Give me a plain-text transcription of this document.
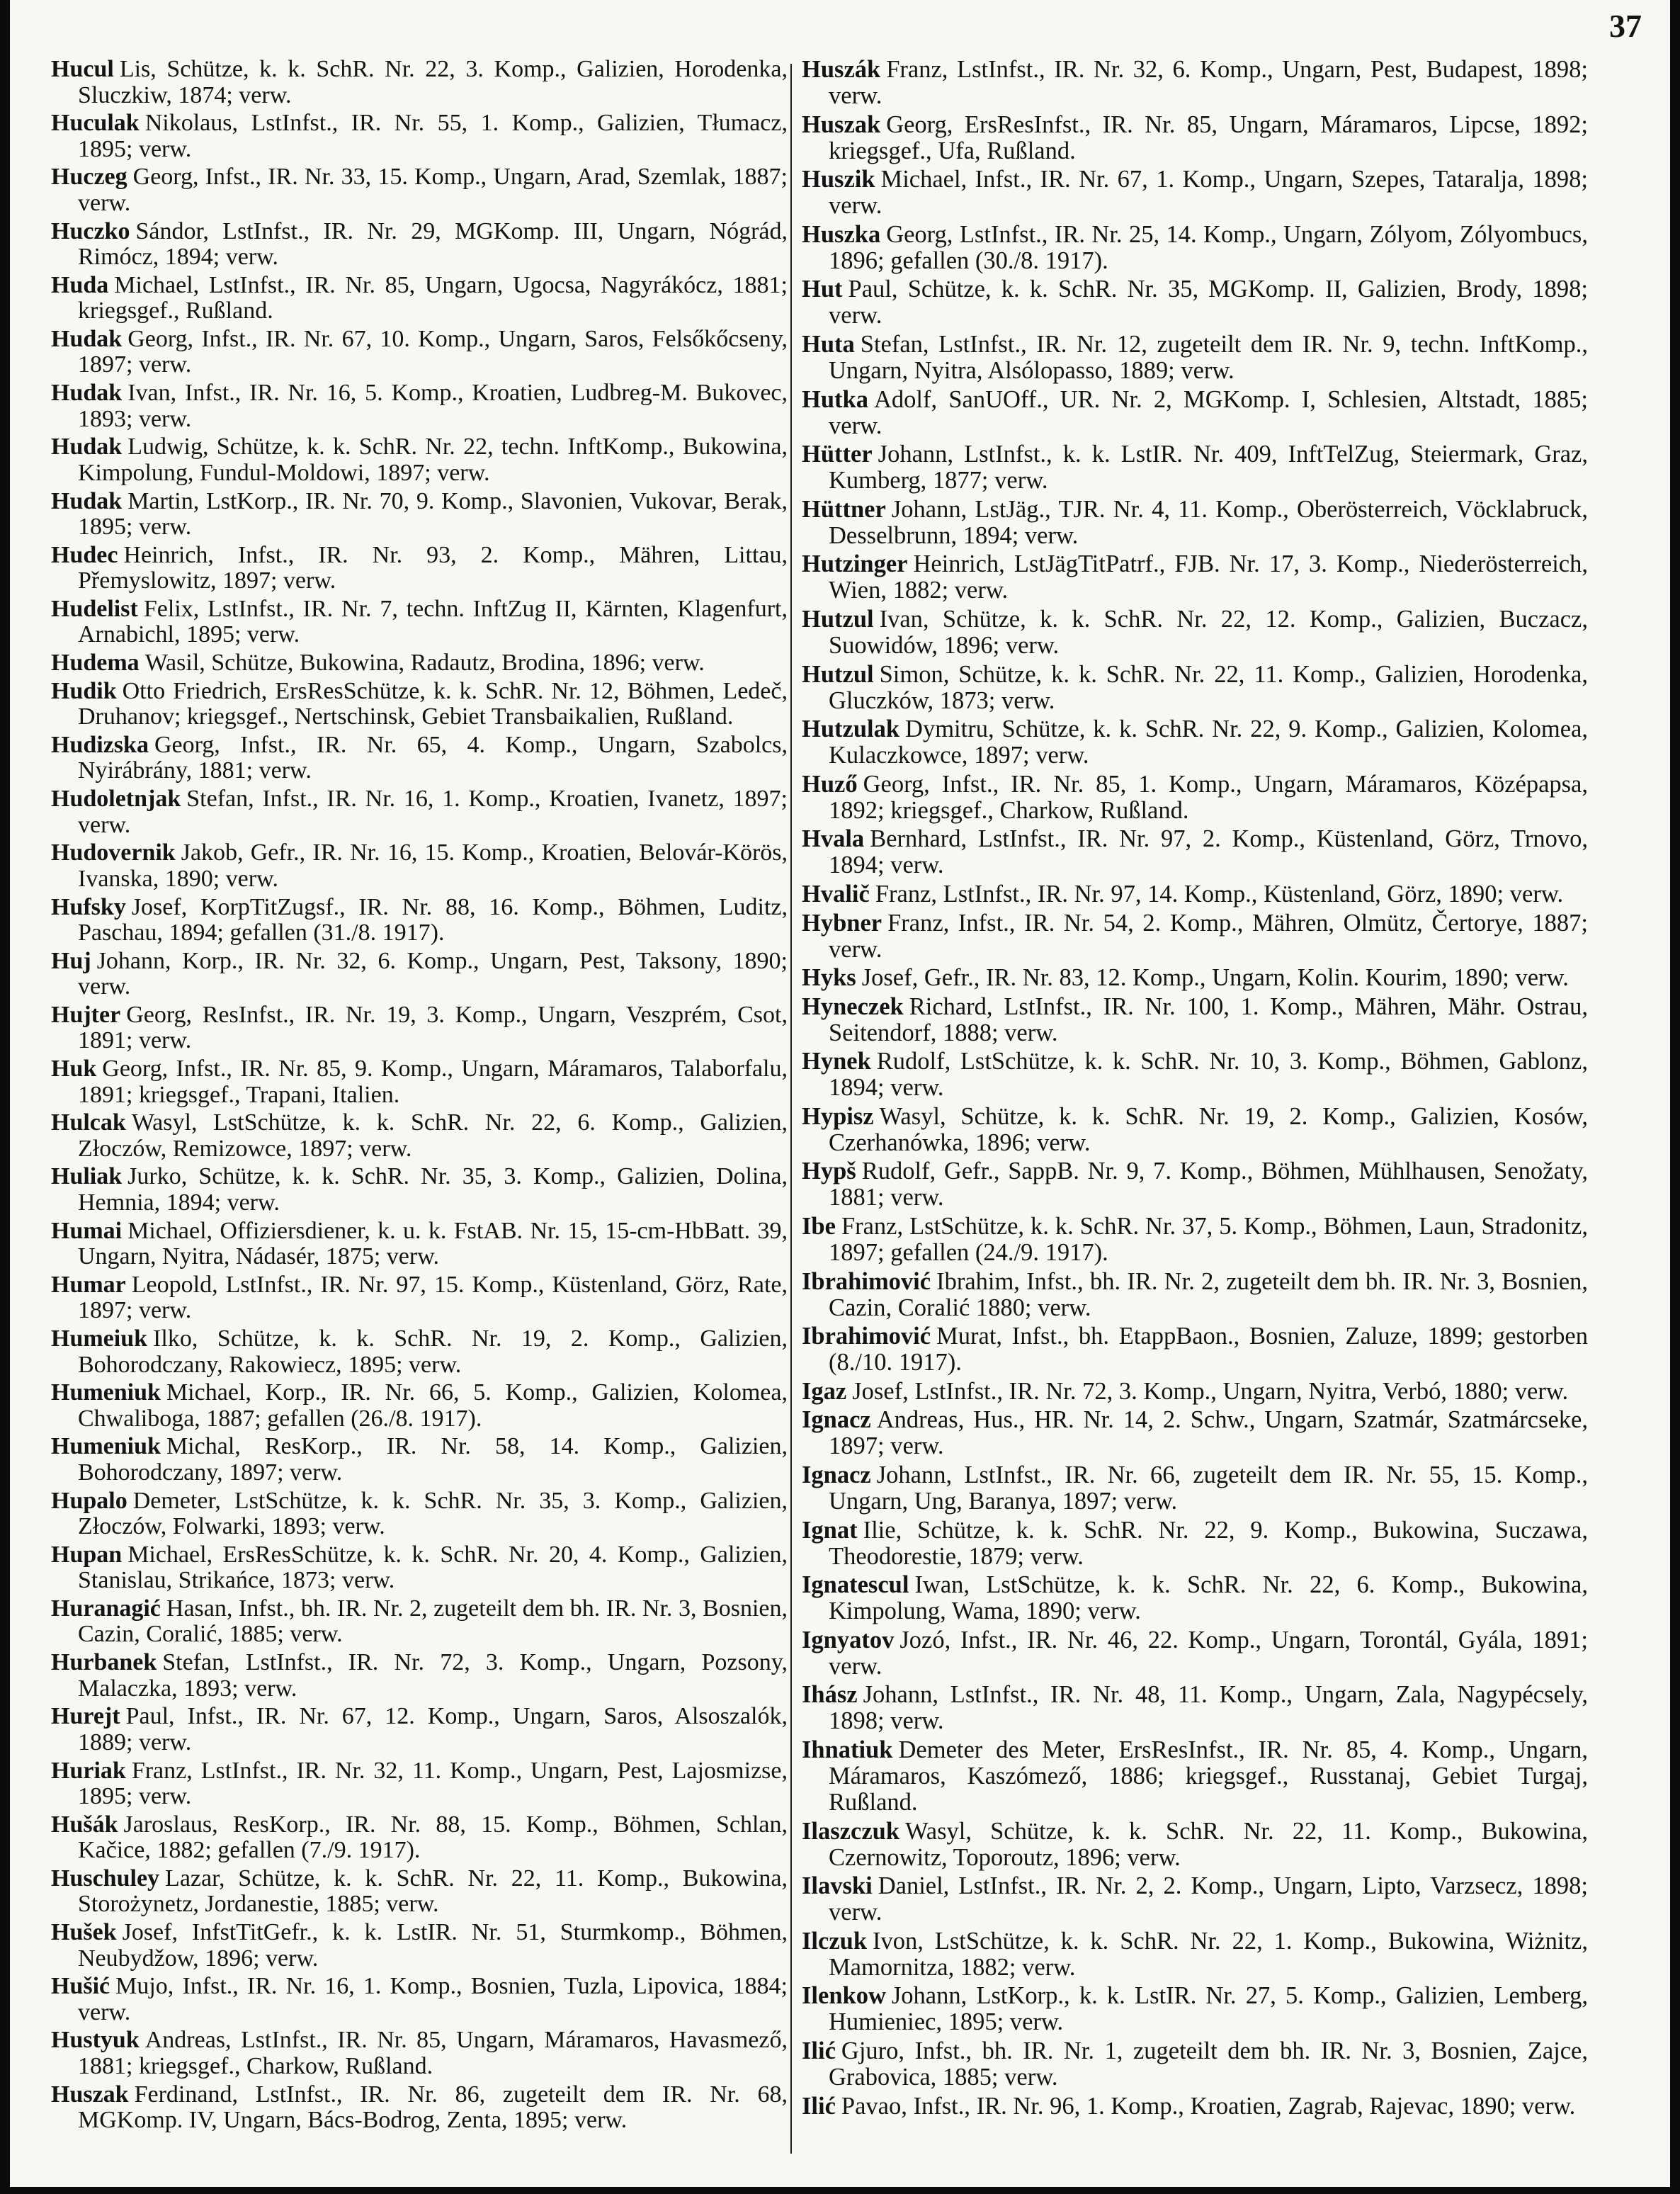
37

Hucul Lis, Schütze, k. k. SchR. Nr. 22, 3. Komp., Galizien, Horodenka, Sluczkiw, 1874; verw.

Huculak Nikolaus, LstInfst., IR. Nr. 55, 1. Komp., Galizien, Tłumacz, 1895; verw.

Huczeg Georg, Infst., IR. Nr. 33, 15. Komp., Ungarn, Arad, Szemlak, 1887; verw.

Huczko Sándor, LstInfst., IR. Nr. 29, MGKomp. III, Ungarn, Nógrád, Rimócz, 1894; verw.

Huda Michael, LstInfst., IR. Nr. 85, Ungarn, Ugocsa, Nagyrákócz, 1881; kriegsgef., Rußland.

Hudak Georg, Infst., IR. Nr. 67, 10. Komp., Ungarn, Saros, Felsőkőcseny, 1897; verw.

Hudak Ivan, Infst., IR. Nr. 16, 5. Komp., Kroatien, Ludbreg-M. Bukovec, 1893; verw.

Hudak Ludwig, Schütze, k. k. SchR. Nr. 22, techn. InftKomp., Bukowina, Kimpolung, Fundul-Moldowi, 1897; verw.

Hudak Martin, LstKorp., IR. Nr. 70, 9. Komp., Slavonien, Vukovar, Berak, 1895; verw.

Hudec Heinrich, Infst., IR. Nr. 93, 2. Komp., Mähren, Littau, Přemyslowitz, 1897; verw.

Hudelist Felix, LstInfst., IR. Nr. 7, techn. InftZug II, Kärnten, Klagenfurt, Arnabichl, 1895; verw.

Hudema Wasil, Schütze, Bukowina, Radautz, Brodina, 1896; verw.

Hudik Otto Friedrich, ErsResSchütze, k. k. SchR. Nr. 12, Böhmen, Ledeč, Druhanov; kriegsgef., Nertschinsk, Gebiet Transbaikalien, Rußland.

Hudizska Georg, Infst., IR. Nr. 65, 4. Komp., Ungarn, Szabolcs, Nyirábrány, 1881; verw.

Hudoletnjak Stefan, Infst., IR. Nr. 16, 1. Komp., Kroatien, Ivanetz, 1897; verw.

Hudovernik Jakob, Gefr., IR. Nr. 16, 15. Komp., Kroatien, Belovár-Körös, Ivanska, 1890; verw.

Hufsky Josef, KorpTitZugsf., IR. Nr. 88, 16. Komp., Böhmen, Luditz, Paschau, 1894; gefallen (31./8. 1917).

Huj Johann, Korp., IR. Nr. 32, 6. Komp., Ungarn, Pest, Taksony, 1890; verw.

Hujter Georg, ResInfst., IR. Nr. 19, 3. Komp., Ungarn, Veszprém, Csot, 1891; verw.

Huk Georg, Infst., IR. Nr. 85, 9. Komp., Ungarn, Máramaros, Talaborfalu, 1891; kriegsgef., Trapani, Italien.

Hulcak Wasyl, LstSchütze, k. k. SchR. Nr. 22, 6. Komp., Galizien, Złoczów, Remizowce, 1897; verw.

Huliak Jurko, Schütze, k. k. SchR. Nr. 35, 3. Komp., Galizien, Dolina, Hemnia, 1894; verw.

Humai Michael, Offiziersdiener, k. u. k. FstAB. Nr. 15, 15-cm-HbBatt. 39, Ungarn, Nyitra, Nádasér, 1875; verw.

Humar Leopold, LstInfst., IR. Nr. 97, 15. Komp., Küstenland, Görz, Rate, 1897; verw.

Humeiuk Ilko, Schütze, k. k. SchR. Nr. 19, 2. Komp., Galizien, Bohorodczany, Rakowiecz, 1895; verw.

Humeniuk Michael, Korp., IR. Nr. 66, 5. Komp., Galizien, Kolomea, Chwaliboga, 1887; gefallen (26./8. 1917).

Humeniuk Michal, ResKorp., IR. Nr. 58, 14. Komp., Galizien, Bohorodczany, 1897; verw.

Hupalo Demeter, LstSchütze, k. k. SchR. Nr. 35, 3. Komp., Galizien, Złoczów, Folwarki, 1893; verw.

Hupan Michael, ErsResSchütze, k. k. SchR. Nr. 20, 4. Komp., Galizien, Stanislau, Strikańce, 1873; verw.

Huranagić Hasan, Infst., bh. IR. Nr. 2, zugeteilt dem bh. IR. Nr. 3, Bosnien, Cazin, Coralić, 1885; verw.

Hurbanek Stefan, LstInfst., IR. Nr. 72, 3. Komp., Ungarn, Pozsony, Malaczka, 1893; verw.

Hurejt Paul, Infst., IR. Nr. 67, 12. Komp., Ungarn, Saros, Alsoszalók, 1889; verw.

Huriak Franz, LstInfst., IR. Nr. 32, 11. Komp., Ungarn, Pest, Lajosmizse, 1895; verw.

Hušák Jaroslaus, ResKorp., IR. Nr. 88, 15. Komp., Böhmen, Schlan, Kačice, 1882; gefallen (7./9. 1917).

Huschuley Lazar, Schütze, k. k. SchR. Nr. 22, 11. Komp., Bukowina, Storożynetz, Jordanestie, 1885; verw.

Hušek Josef, InfstTitGefr., k. k. LstIR. Nr. 51, Sturmkomp., Böhmen, Neubydžow, 1896; verw.

Hušić Mujo, Infst., IR. Nr. 16, 1. Komp., Bosnien, Tuzla, Lipovica, 1884; verw.

Hustyuk Andreas, LstInfst., IR. Nr. 85, Ungarn, Máramaros, Havasmező, 1881; kriegsgef., Charkow, Rußland.

Huszak Ferdinand, LstInfst., IR. Nr. 86, zugeteilt dem IR. Nr. 68, MGKomp. IV, Ungarn, Bács-Bodrog, Zenta, 1895; verw.

Huszák Franz, LstInfst., IR. Nr. 32, 6. Komp., Ungarn, Pest, Budapest, 1898; verw.

Huszak Georg, ErsResInfst., IR. Nr. 85, Ungarn, Máramaros, Lipcse, 1892; kriegsgef., Ufa, Rußland.

Huszik Michael, Infst., IR. Nr. 67, 1. Komp., Ungarn, Szepes, Tataralja, 1898; verw.

Huszka Georg, LstInfst., IR. Nr. 25, 14. Komp., Ungarn, Zólyom, Zólyombucs, 1896; gefallen (30./8. 1917).

Hut Paul, Schütze, k. k. SchR. Nr. 35, MGKomp. II, Galizien, Brody, 1898; verw.

Huta Stefan, LstInfst., IR. Nr. 12, zugeteilt dem IR. Nr. 9, techn. InftKomp., Ungarn, Nyitra, Alsólopasso, 1889; verw.

Hutka Adolf, SanUOff., UR. Nr. 2, MGKomp. I, Schlesien, Altstadt, 1885; verw.

Hütter Johann, LstInfst., k. k. LstIR. Nr. 409, InftTelZug, Steiermark, Graz, Kumberg, 1877; verw.

Hüttner Johann, LstJäg., TJR. Nr. 4, 11. Komp., Oberösterreich, Vöcklabruck, Desselbrunn, 1894; verw.

Hutzinger Heinrich, LstJägTitPatrf., FJB. Nr. 17, 3. Komp., Niederösterreich, Wien, 1882; verw.

Hutzul Ivan, Schütze, k. k. SchR. Nr. 22, 12. Komp., Galizien, Buczacz, Suowidów, 1896; verw.

Hutzul Simon, Schütze, k. k. SchR. Nr. 22, 11. Komp., Galizien, Horodenka, Gluczków, 1873; verw.

Hutzulak Dymitru, Schütze, k. k. SchR. Nr. 22, 9. Komp., Galizien, Kolomea, Kulaczkowce, 1897; verw.

Huző Georg, Infst., IR. Nr. 85, 1. Komp., Ungarn, Máramaros, Középapsa, 1892; kriegsgef., Charkow, Rußland.

Hvala Bernhard, LstInfst., IR. Nr. 97, 2. Komp., Küstenland, Görz, Trnovo, 1894; verw.

Hvalič Franz, LstInfst., IR. Nr. 97, 14. Komp., Küstenland, Görz, 1890; verw.

Hybner Franz, Infst., IR. Nr. 54, 2. Komp., Mähren, Olmütz, Čertorye, 1887; verw.

Hyks Josef, Gefr., IR. Nr. 83, 12. Komp., Ungarn, Kolin. Kourim, 1890; verw.

Hyneczek Richard, LstInfst., IR. Nr. 100, 1. Komp., Mähren, Mähr. Ostrau, Seitendorf, 1888; verw.

Hynek Rudolf, LstSchütze, k. k. SchR. Nr. 10, 3. Komp., Böhmen, Gablonz, 1894; verw.

Hypisz Wasyl, Schütze, k. k. SchR. Nr. 19, 2. Komp., Galizien, Kosów, Czerhanówka, 1896; verw.

Hypš Rudolf, Gefr., SappB. Nr. 9, 7. Komp., Böhmen, Mühlhausen, Senožaty, 1881; verw.

Ibe Franz, LstSchütze, k. k. SchR. Nr. 37, 5. Komp., Böhmen, Laun, Stradonitz, 1897; gefallen (24./9. 1917).

Ibrahimović Ibrahim, Infst., bh. IR. Nr. 2, zugeteilt dem bh. IR. Nr. 3, Bosnien, Cazin, Coralić 1880; verw.

Ibrahimović Murat, Infst., bh. EtappBaon., Bosnien, Zaluze, 1899; gestorben (8./10. 1917).

Igaz Josef, LstInfst., IR. Nr. 72, 3. Komp., Ungarn, Nyitra, Verbó, 1880; verw.

Ignacz Andreas, Hus., HR. Nr. 14, 2. Schw., Ungarn, Szatmár, Szatmárcseke, 1897; verw.

Ignacz Johann, LstInfst., IR. Nr. 66, zugeteilt dem IR. Nr. 55, 15. Komp., Ungarn, Ung, Baranya, 1897; verw.

Ignat Ilie, Schütze, k. k. SchR. Nr. 22, 9. Komp., Bukowina, Suczawa, Theodorestie, 1879; verw.

Ignatescul Iwan, LstSchütze, k. k. SchR. Nr. 22, 6. Komp., Bukowina, Kimpolung, Wama, 1890; verw.

Ignyatov Jozó, Infst., IR. Nr. 46, 22. Komp., Ungarn, Torontál, Gyála, 1891; verw.

Ihász Johann, LstInfst., IR. Nr. 48, 11. Komp., Ungarn, Zala, Nagypécsely, 1898; verw.

Ihnatiuk Demeter des Meter, ErsResInfst., IR. Nr. 85, 4. Komp., Ungarn, Máramaros, Kaszómező, 1886; kriegsgef., Russtanaj, Gebiet Turgaj, Rußland.

Ilaszczuk Wasyl, Schütze, k. k. SchR. Nr. 22, 11. Komp., Bukowina, Czernowitz, Toporoutz, 1896; verw.

Ilavski Daniel, LstInfst., IR. Nr. 2, 2. Komp., Ungarn, Lipto, Varzsecz, 1898; verw.

Ilczuk Ivon, LstSchütze, k. k. SchR. Nr. 22, 1. Komp., Bukowina, Wiżnitz, Mamornitza, 1882; verw.

Ilenkow Johann, LstKorp., k. k. LstIR. Nr. 27, 5. Komp., Galizien, Lemberg, Humieniec, 1895; verw.

Ilić Gjuro, Infst., bh. IR. Nr. 1, zugeteilt dem bh. IR. Nr. 3, Bosnien, Zajce, Grabovica, 1885; verw.

Ilić Pavao, Infst., IR. Nr. 96, 1. Komp., Kroatien, Zagrab, Rajevac, 1890; verw.
